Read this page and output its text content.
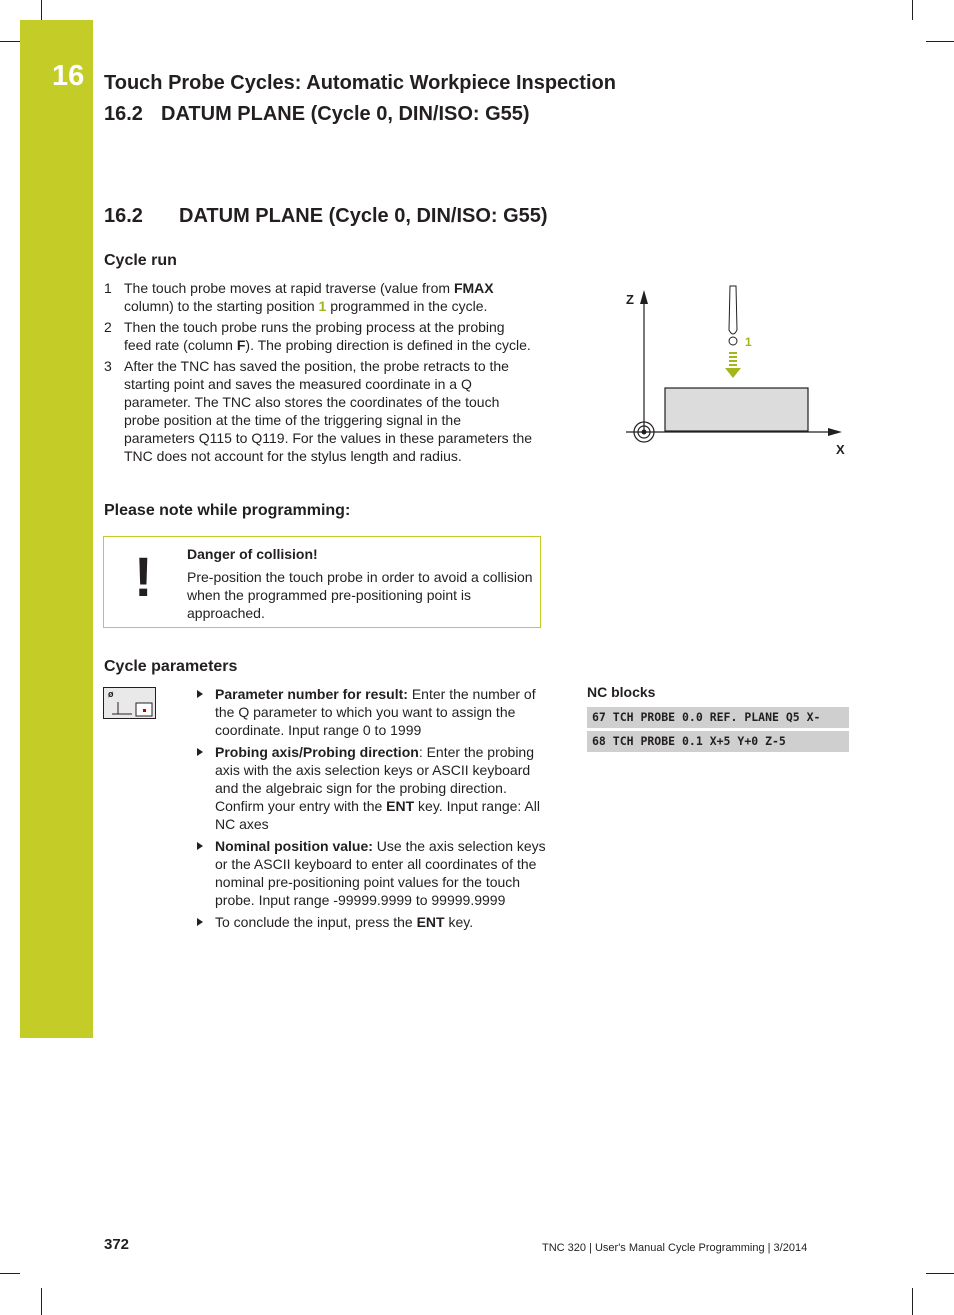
16 Touch Probe Cycles: Automatic Workpiece Inspection
16.2 DATUM PLANE (Cycle 0, DIN/ISO: G55)
16.2 DATUM PLANE (Cycle 0, DIN/ISO: G55)
Cycle run
1 The touch probe moves at rapid traverse (value from FMAX
column) to the starting position 1 programmed in the cycle.
2 Then the touch probe runs the probing process at the probing feed rate (column F). The probing direction is defined in the cycle.
3 After the TNC has saved the position, the probe retracts to the starting point and saves the measured coordinate in a Q parameter. The TNC also stores the coordinates of the touch probe position at the time of the triggering signal in the parameters Q115 to Q119. For the values in these parameters the TNC does not account for the stylus length and radius.
Z
X
1
Please note while programming:
! Danger of collision!
Pre-position the touch probe in order to avoid a collision when the programmed pre-positioning point is approached.
Cycle parameters
ø	Parameter number for result: Enter the number of the Q parameter to which you want to assign the coordinate. Input range 0 to 1999
Probing axis/Probing direction: Enter the probing axis with the axis selection keys or ASCII keyboard and the algebraic sign for the probing direction. Confirm your entry with the ENT key. Input range: All NC axes
Nominal position value: Use the axis selection keys or the ASCII keyboard to enter all coordinates of the nominal pre-positioning point values for the touch probe. Input range -99999.9999 to 99999.9999
To conclude the input, press the ENT key.
NC blocks
67 TCH PROBE 0.0 REF. PLANE Q5 X-
68 TCH PROBE 0.1 X+5 Y+0 Z-5
372	TNC 320 | User's Manual Cycle Programming | 3/2014
